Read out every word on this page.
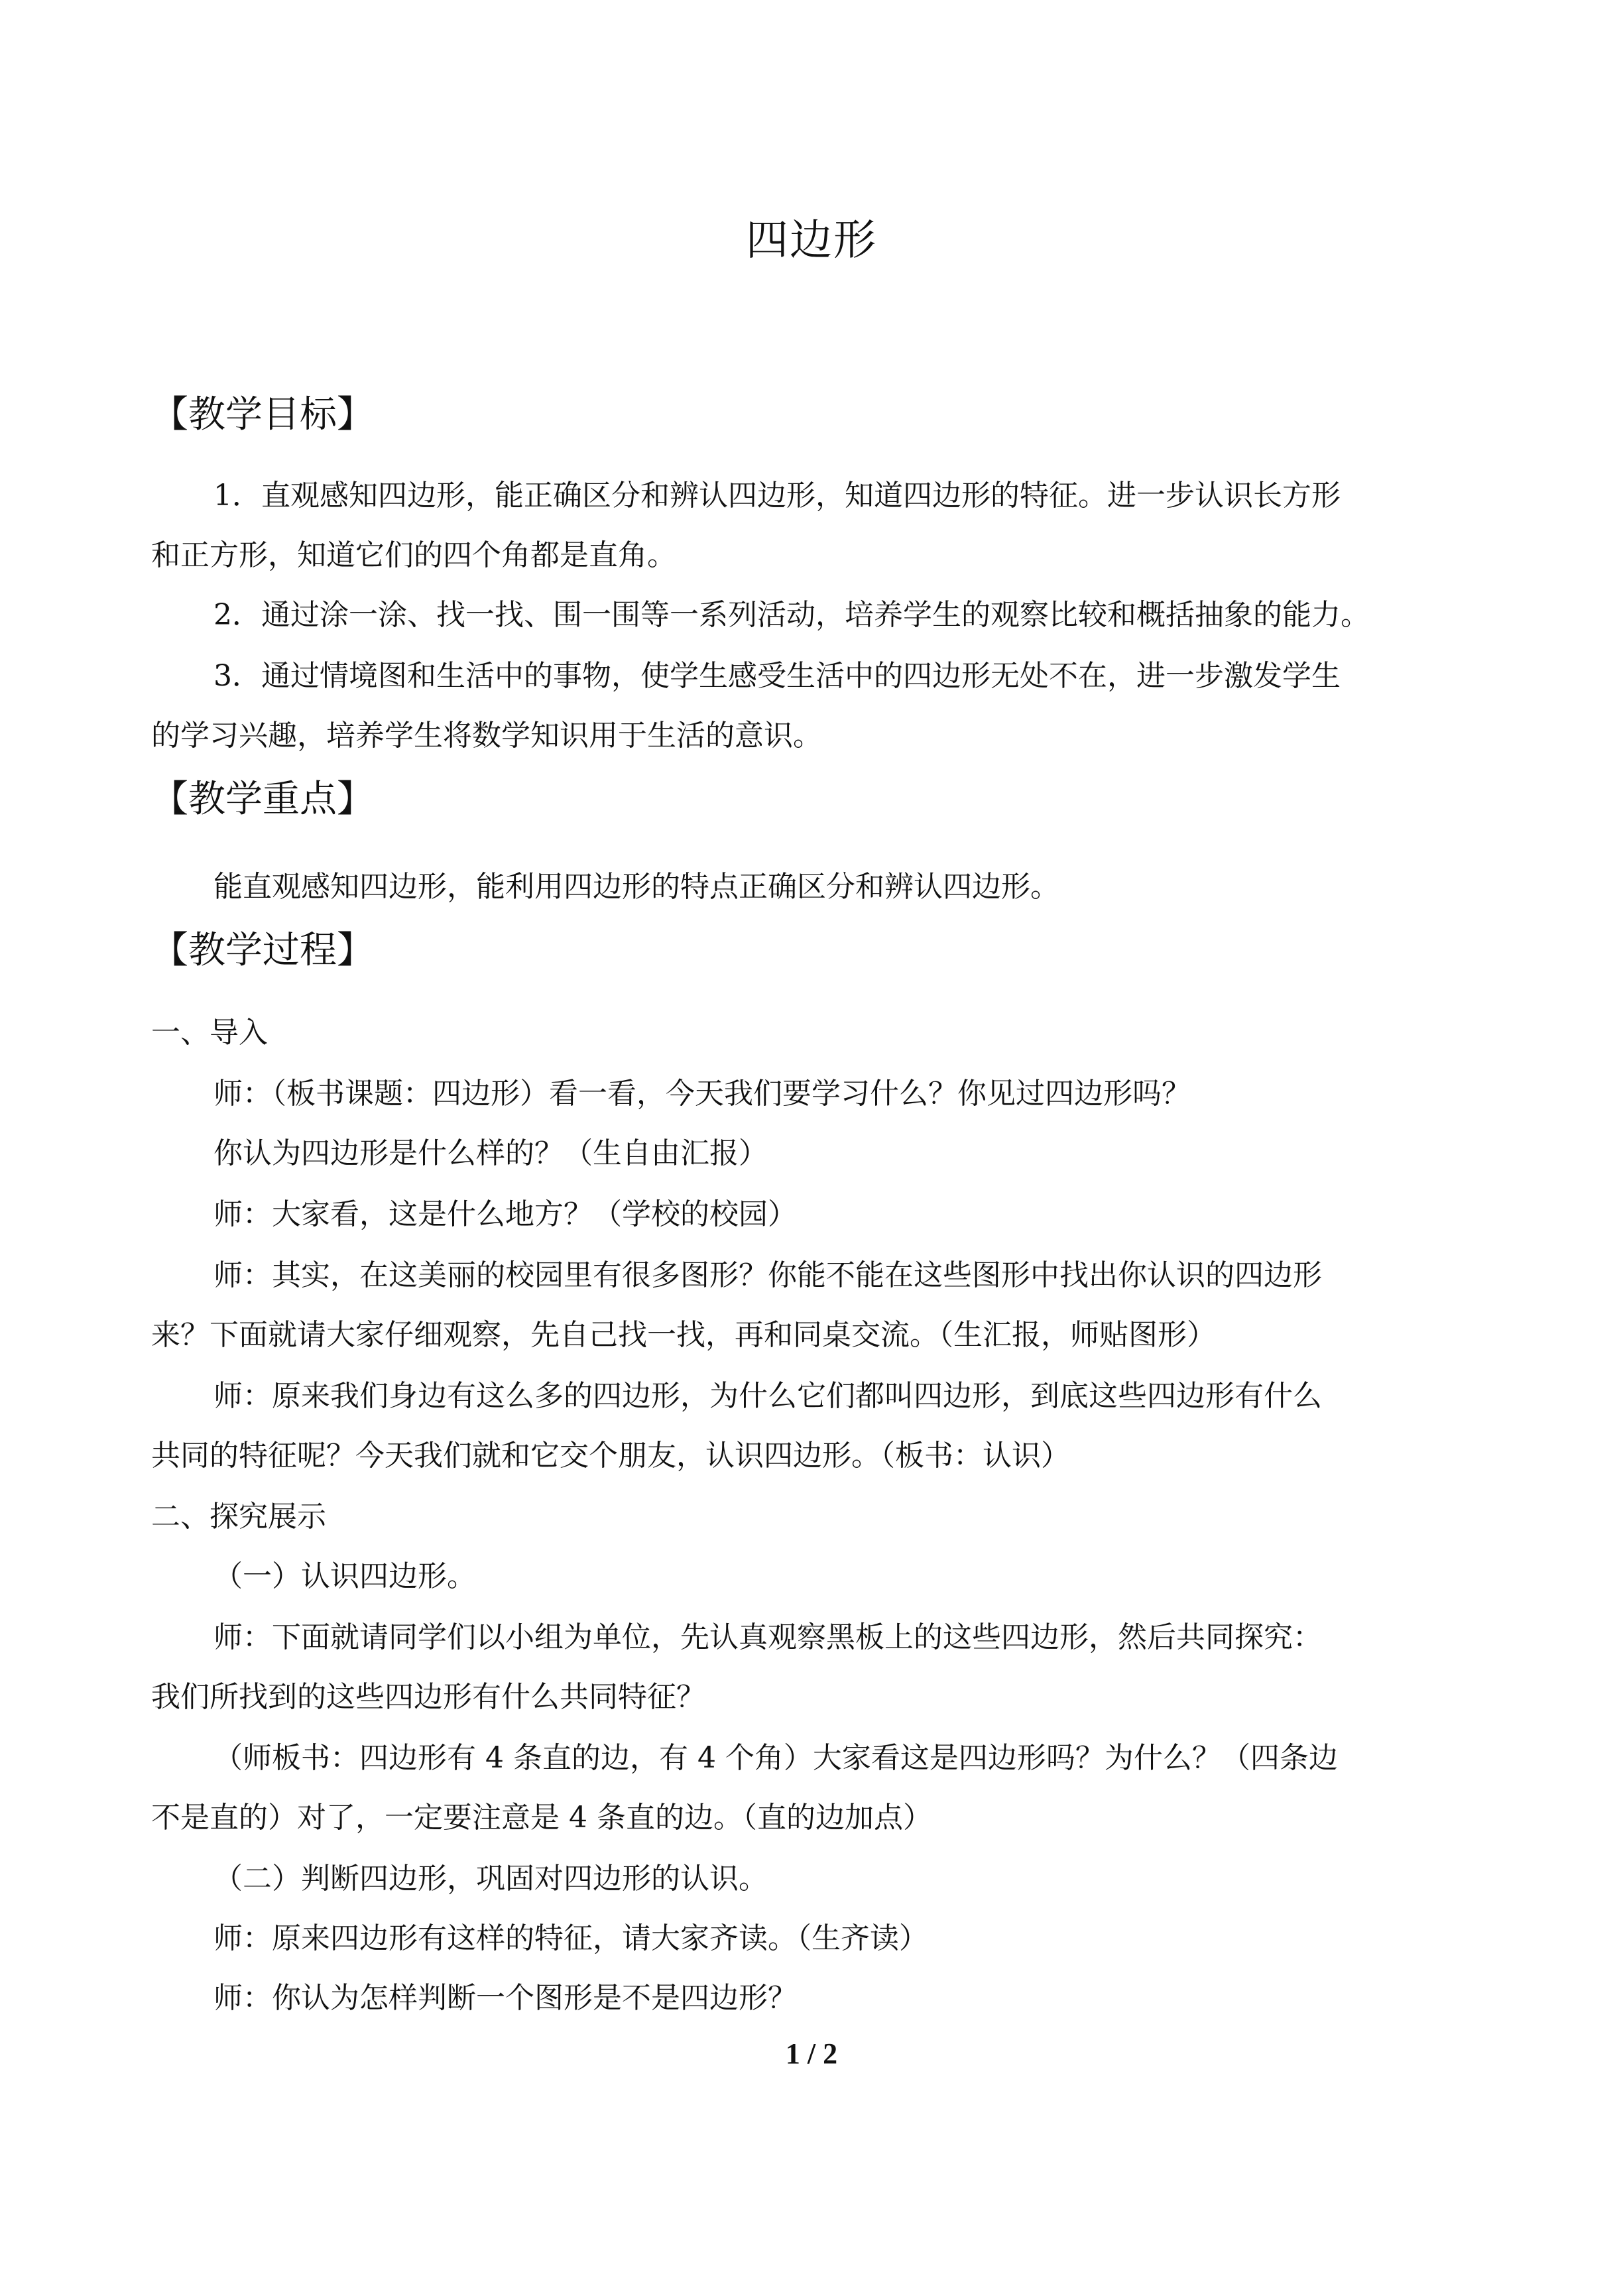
四边形
【教学目标】
1．直观感知四边形，能正确区分和辨认四边形，知道四边形的特征。进一步认识长方形
和正方形，知道它们的四个角都是直角。
2．通过涂一涂、找一找、围一围等一系列活动，培养学生的观察比较和概括抽象的能力。
3．通过情境图和生活中的事物，使学生感受生活中的四边形无处不在，进一步激发学生
的学习兴趣，培养学生将数学知识用于生活的意识。
【教学重点】
能直观感知四边形，能利用四边形的特点正确区分和辨认四边形。
【教学过程】
一、导入
师：（板书课题：四边形）看一看，今天我们要学习什么？你见过四边形吗？
你认为四边形是什么样的？（生自由汇报）
师：大家看，这是什么地方？（学校的校园）
师：其实，在这美丽的校园里有很多图形？你能不能在这些图形中找出你认识的四边形
来？下面就请大家仔细观察，先自己找一找，再和同桌交流。（生汇报，师贴图形）
师：原来我们身边有这么多的四边形，为什么它们都叫四边形，到底这些四边形有什么
共同的特征呢？今天我们就和它交个朋友，认识四边形。（板书：认识）
二、探究展示
（一）认识四边形。
师：下面就请同学们以小组为单位，先认真观察黑板上的这些四边形，然后共同探究：
我们所找到的这些四边形有什么共同特征？
（师板书：四边形有 4 条直的边，有 4 个角）大家看这是四边形吗？为什么？（四条边
不是直的）对了，一定要注意是 4 条直的边。（直的边加点）
（二）判断四边形，巩固对四边形的认识。
师：原来四边形有这样的特征，请大家齐读。（生齐读）
师：你认为怎样判断一个图形是不是四边形？
1 / 2
